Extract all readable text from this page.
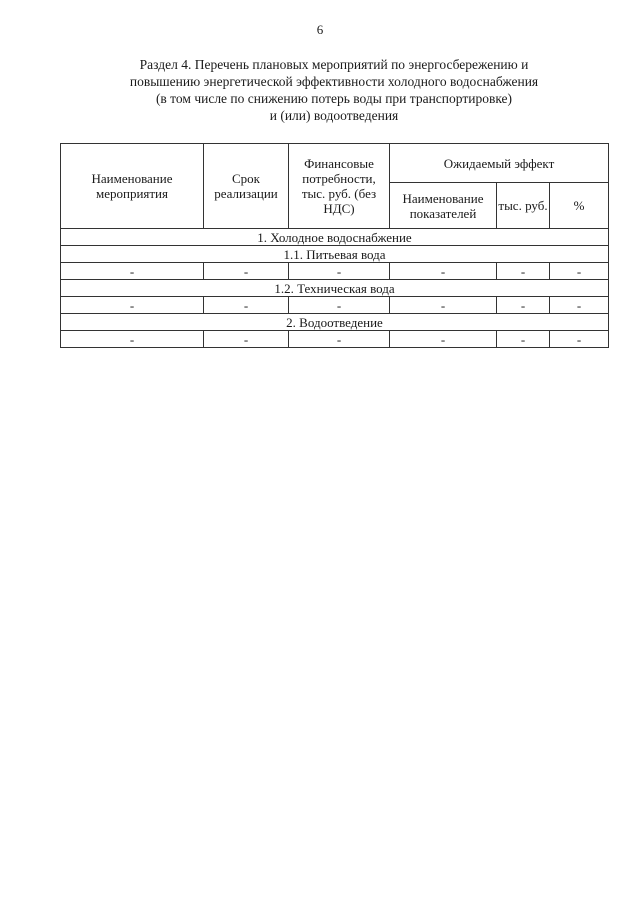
6
Раздел 4. Перечень плановых мероприятий по энергосбережению и
повышению энергетической эффективности холодного водоснабжения
(в том числе по снижению потерь воды при транспортировке)
и (или) водоотведения
Наименование мероприятия	Срок реализации	Финансовые потребности, тыс. руб. (без НДС)	Ожидаемый эффект		
			Наименование показателей	тыс. руб.	%
1. Холодное водоснабжение					
1.1. Питьевая вода					
-	-	-	-	-	-
1.2. Техническая вода					
-	-	-	-	-	-
2. Водоотведение					
-	-	-	-	-	-
